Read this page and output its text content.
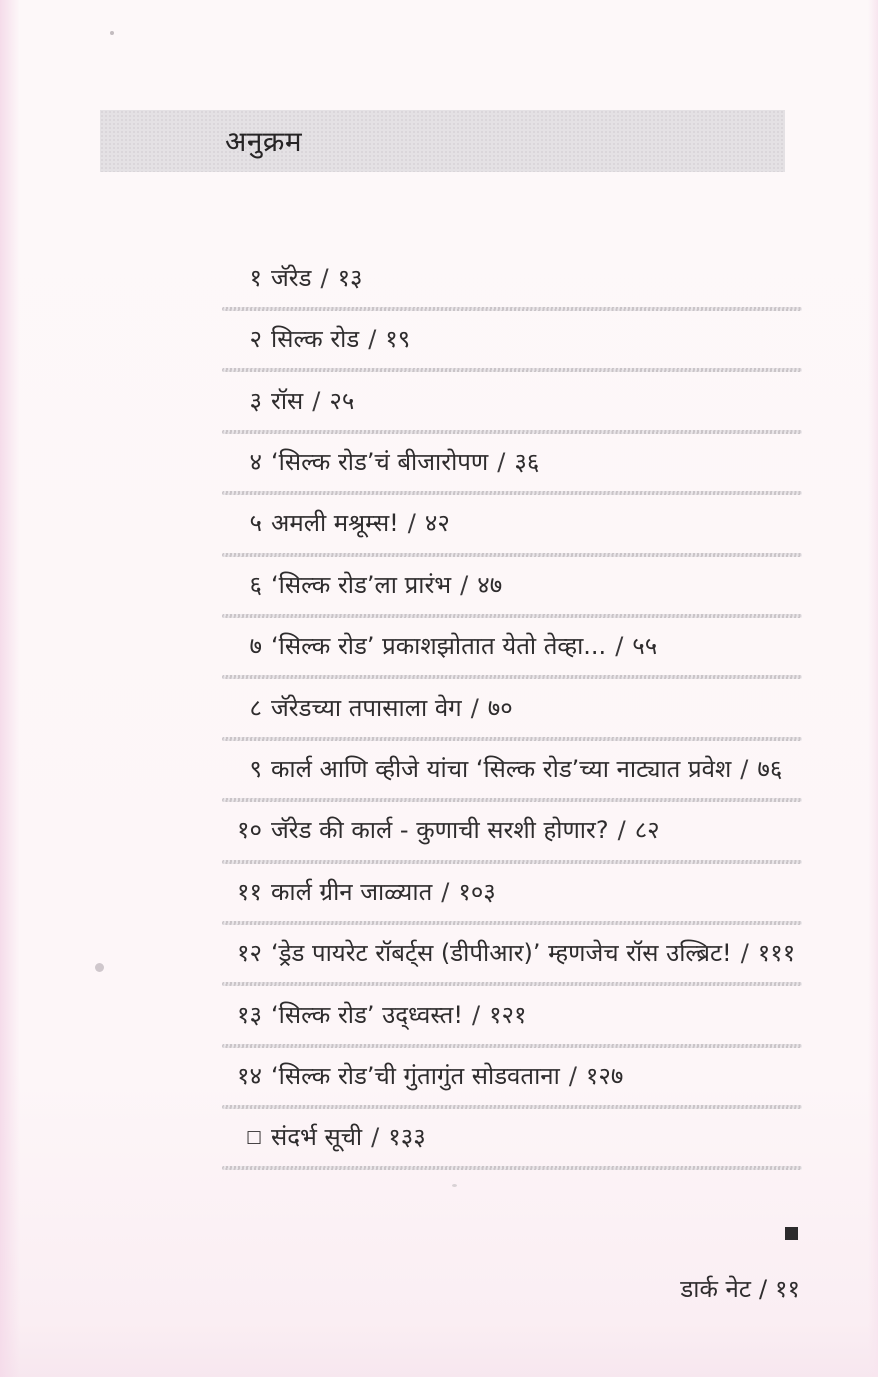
अनुक्रम
१ जॅरेड / १३
२ सिल्क रोड / १९
३ रॉस / २५
४ ‘सिल्क रोड’चं बीजारोपण / ३६
५ अमली मश्रूम्स! / ४२
६ ‘सिल्क रोड’ला प्रारंभ / ४७
७ ‘सिल्क रोड’ प्रकाशझोतात येतो तेव्हा... / ५५
८ जॅरेडच्या तपासाला वेग / ७०
९ कार्ल आणि व्हीजे यांचा ‘सिल्क रोड’च्या नाट्यात प्रवेश / ७६
१० जॅरेड की कार्ल - कुणाची सरशी होणार? / ८२
११ कार्ल ग्रीन जाळ्यात / १०३
१२ ‘ड्रेड पायरेट रॉबर्ट्स (डीपीआर)’ म्हणजेच रॉस उल्ब्रिट! / १११
१३ ‘सिल्क रोड’ उद्ध्वस्त! / १२१
१४ ‘सिल्क रोड’ची गुंतागुंत सोडवताना / १२७
□ संदर्भ सूची / १३३
डार्क नेट / ११
